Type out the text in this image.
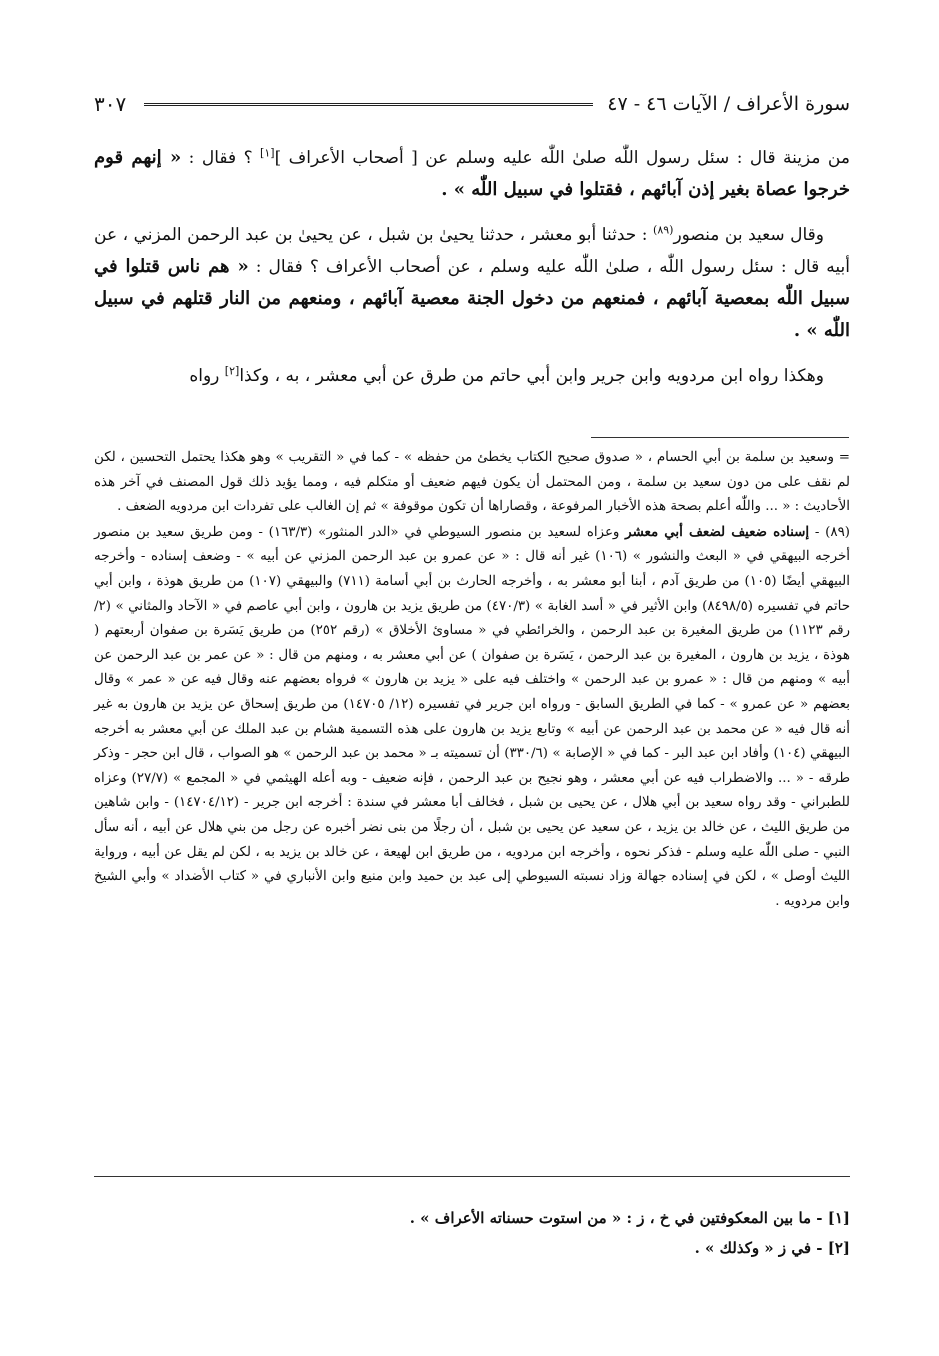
سورة الأعراف / الآيات ٤٦ - ٤٧
٣٠٧

من مزينة قال : سئل رسول اللّٰه صلىٰ اللّٰه عليه وسلم عن [ أصحاب الأعراف ][١] ؟ فقال : « إنهم قوم خرجوا عصاة بغير إذن آبائهم ، فقتلوا في سبيل اللّٰه » .

وقال سعيد بن منصور$^{(٨٩)}$ : حدثنا أبو معشر ، حدثنا يحيىٰ بن شبل ، عن يحيىٰ بن عبد الرحمن المزني ، عن أبيه قال : سئل رسول اللّٰه ، صلىٰ اللّٰه عليه وسلم ، عن أصحاب الأعراف ؟ فقال : « هم ناس قتلوا في سبيل اللّٰه بمعصية آبائهم ، فمنعهم من دخول الجنة معصية آبائهم ، ومنعهم من النار قتلهم في سبيل اللّٰه » .

وهكذا رواه ابن مردويه وابن جرير وابن أبي حاتم من طرق عن أبي معشر ، به ، وكذا[٢] رواه

= وسعيد بن سلمة بن أبي الحسام ، « صدوق صحيح الكتاب يخطئ من حفظه » - كما في « التقريب » وهو هكذا يحتمل التحسين ، لكن لم نقف على من دون سعيد بن سلمة ، ومن المحتمل أن يكون فيهم ضعيف أو متكلم فيه ، ومما يؤيد ذلك قول المصنف في آخر هذه الأحاديث : « ... واللّٰه أعلم بصحة هذه الأخبار المرفوعة ، وقصاراها أن تكون موقوفة » ثم إن الغالب على تفردات ابن مردويه الضعف .

(٨٩) - إسناده ضعيف لضعف أبي معشر وعزاه لسعيد بن منصور السيوطي في «الدر المنثور» (١٦٣/٣) - ومن طريق سعيد بن منصور أخرجه البيهقي في « البعث والنشور » (١٠٦) غير أنه قال : « عن عمرو بن عبد الرحمن المزني عن أبيه » - وضعف إسناده - وأخرجه البيهقي أيضًا (١٠٥) من طريق آدم ، أبنا أبو معشر به ، وأخرجه الحارث بن أبي أسامة (٧١١) والبيهقي (١٠٧) من طريق هوذة ، وابن أبي حاتم في تفسيره (٨٤٩٨/٥) وابن الأثير في « أسد الغابة » (٤٧٠/٣) من طريق يزيد بن هارون ، وابن أبي عاصم في « الآحاد والمثاني » (٢/رقم ١١٢٣) من طريق المغيرة بن عبد الرحمن ، والخرائطي في « مساوئ الأخلاق » (رقم ٢٥٢) من طريق يَسَرة بن صفوان أربعتهم ( هوذة ، يزيد بن هارون ، المغيرة بن عبد الرحمن ، يَسَرة بن صفوان ) عن أبي معشر به ، ومنهم من قال : « عن عمر بن عبد الرحمن عن أبيه » ومنهم من قال : « عمرو بن عبد الرحمن » واختلف فيه على « يزيد بن هارون » فرواه بعضهم عنه وقال فيه عن « عمر » وقال بعضهم « عن عمرو » - كما في الطريق السابق - ورواه ابن جرير في تفسيره (١٢/ ١٤٧٠٥) من طريق إسحاق عن يزيد بن هارون به غير أنه قال فيه « عن محمد بن عبد الرحمن عن أبيه » وتابع يزيد بن هارون على هذه التسمية هشام بن عبد الملك عن أبي معشر به أخرجه البيهقي (١٠٤) وأفاد ابن عبد البر - كما في « الإصابة » (٣٣٠/٦) أن تسميته بـ « محمد بن عبد الرحمن » هو الصواب ، قال ابن حجر - وذكر طرقه - « ... والاضطراب فيه عن أبي معشر ، وهو نجيح بن عبد الرحمن ، فإنه ضعيف - وبه أعله الهيثمي في « المجمع » (٢٧/٧) وعزاه للطبراني - وقد رواه سعيد بن أبي هلال ، عن يحيى بن شبل ، فخالف أبا معشر في سندة : أخرجه ابن جرير - (١٤٧٠٤/١٢) - وابن شاهين من طريق الليث ، عن خالد بن يزيد ، عن سعيد عن يحيى بن شبل ، أن رجلًا من بنى نضر أخبره عن رجل من بني هلال عن أبيه ، أنه سأل النبي - صلى اللّٰه عليه وسلم - فذكر نحوه ، وأخرجه ابن مردويه ، من طريق ابن لهيعة ، عن خالد بن يزيد به ، لكن لم يقل عن أبيه ، ورواية الليث أوصل » ، لكن في إسناده جهالة وزاد نسبته السيوطي إلى عبد بن حميد وابن منيع وابن الأنباري في « كتاب الأضداد » وأبي الشيخ وابن مردويه .

[١] - ما بين المعكوفتين في خ ، ز : « من استوت حسناته الأعراف » .

[٢] - في ز « وكذلك » .
